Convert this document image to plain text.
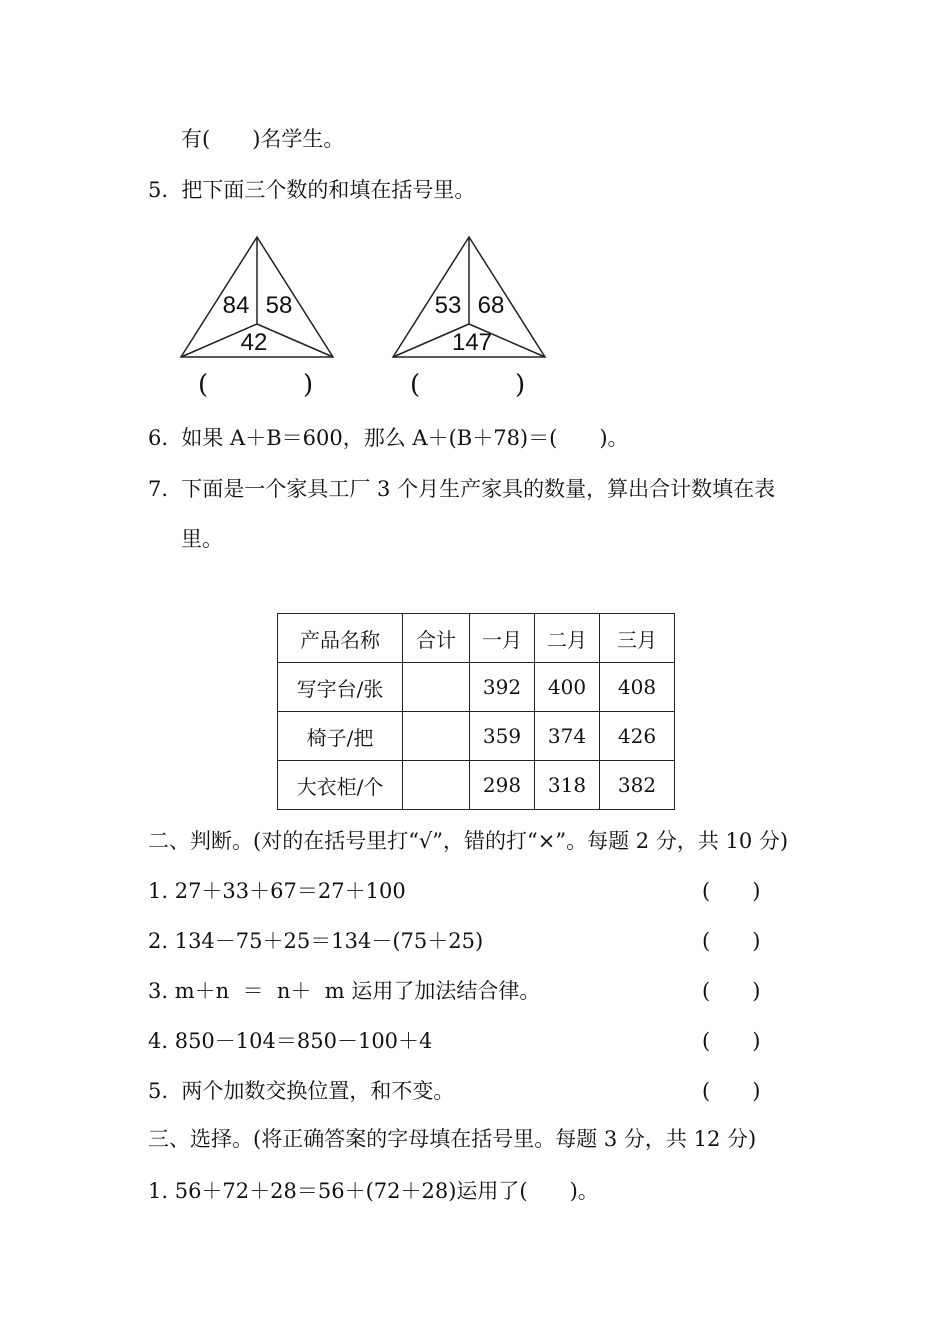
有(　　)名学生。
5.  把下面三个数的和填在括号里。
84 58
42
(	)
53 68
147
(	)
6.  如果 A＋B＝600，那么 A＋(B＋78)＝(　　)。
7.  下面是一个家具工厂 3 个月生产家具的数量，算出合计数填在表
里。
产品名称	合计	一月	二月	三月
写字台/张		392	400	408
椅子/把		359	374	426
大衣柜/个		298	318	382
二、判断。(对的在括号里打“√”，错的打“×”。每题 2 分，共 10 分)
1. 27＋33＋67＝27＋100	(　　)
2. 134－75＋25＝134－(75＋25)	(　　)
3. m＋n  ＝  n＋  m 运用了加法结合律。	(　　)
4. 850－104＝850－100＋4	(　　)
5.  两个加数交换位置，和不变。	(　　)
三、选择。(将正确答案的字母填在括号里。每题 3 分，共 12 分)
1. 56＋72＋28＝56＋(72＋28)运用了(　　)。
